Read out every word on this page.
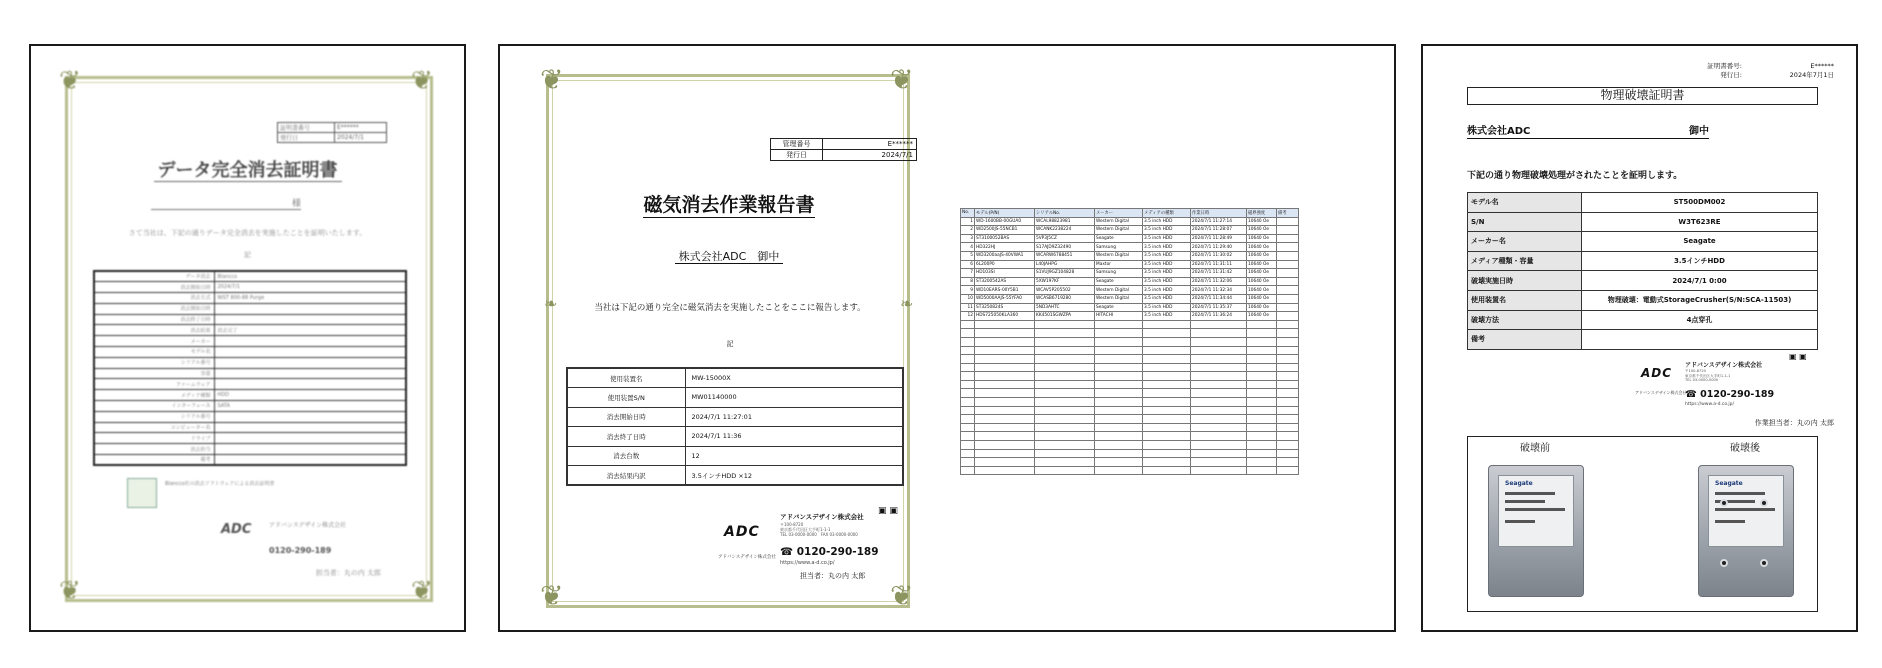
❦	❦
❦	❦
証明書番号	E******
発行日	2024/7/1
データ完全消去証明書
様
さて当社は、下記の通りデータ完全消去を実施したことを証明いたします。
記
データ消去	Blancco
消去開始日時	2024/7/1
消去方式	NIST 800-88 Purge
消去開始日時	
消去終了日時	
消去結果	消去完了
メーカー	
モデル名	
シリアル番号	
容量	
ファームウェア	
メディア種類	HDD
インターフェース	SATA
シリアル番号	
コンピューター名	
ドライブ	
消去担当	
備考	
Blancco社の消去ソフトウェアによる消去証明書
ADC	アドバンスデザイン株式会社
0120-290-189
担当者：丸の内 太郎
❦	❦
❦	❦
❧	❧
管理番号	E******
発行日	2024/7/1
磁気消去作業報告書
株式会社ADC　御中
当社は下記の通り完全に磁気消去を実施したことをここに報告します。
記
使用装置名	MW-15000X
使用装置S/N	MW01140000
消去開始日時	2024/7/1 11:27:01
消去終了日時	2024/7/1 11:36
消去台数	12
消去結果内訳	3.5インチHDD ×12
ADC
アドバンスデザイン株式会社
アドバンスデザイン株式会社
〒100-8720
東京都千代田区大手町1-1-1
TEL 03-0000-0000　FAX 03-0000-0000
☎ 0120-290-189
https://www.a-d.co.jp/
▣ ▣
担当者：丸の内 太郎
No.	モデル(P/N)	シリアルNo.	メーカー	メディアの種類	作業日時	磁界強度	備考
1	WD-1600BB-00GUA0	WCAL98823981	Western Digital	3.5 inch HDD	2024/7/1 11:27:14	10640 Oe	
2	WD2500JS-55NCB1	WCANK2238224	Western Digital	3.5 inch HDD	2024/7/1 11:28:07	10640 Oe	
3	ST3100052BAS	5VP3J5CZ	Seagate	3.5 inch HDD	2024/7/1 11:28:49	10640 Oe	
4	HD322HJ	S17AJD9Z32490	Samsung	3.5 inch HDD	2024/7/1 11:29:40	10640 Oe	
5	WD3200aaJS-40VWA1	WCARW6788451	Western Digital	3.5 inch HDD	2024/7/1 11:30:02	10640 Oe	
6	6L200P0	L40JAHPG	Maxtor	3.5 inch HDD	2024/7/1 11:31:11	10640 Oe	
7	HD103SI	S1VUJ9GZ104828	Samsung	3.5 inch HDD	2024/7/1 11:31:42	10640 Oe	
8	ST3200542AS	5XW197KF	Seagate	3.5 inch HDD	2024/7/1 11:32:06	10640 Oe	
9	WD10EARS-00Y5B1	WCAV5P205502	Western Digital	3.5 inch HDD	2024/7/1 11:32:34	10640 Oe	
10	WD5000AAJS-55YFA0	WCASB6719280	Western Digital	3.5 inch HDD	2024/7/1 11:34:44	10640 Oe	
11	ST3250824S	5ND3AHTC	Seagate	3.5 inch HDD	2024/7/1 11:35:37	10640 Oe	
12	HDS725050KLA360	KK4501SGWZPA	HITACHI	3.5 inch HDD	2024/7/1 11:36:24	10640 Oe	

証明書番号:	E******
発行日:	2024年7月1日
物理破壊証明書
株式会社ADC	御中
下記の通り物理破壊処理がされたことを証明します。
モデル名	ST500DM002
S/N	W3T623RE
メーカー名	Seagate
メディア種類・容量	3.5インチHDD
破壊実施日時	2024/7/1 0:00
使用装置名	物理破壊：電動式StorageCrusher(S/N:SCA-11503)
破壊方法	4点穿孔
備考	
ADC
アドバンスデザイン株式会社
アドバンスデザイン株式会社
〒100-8720
東京都千代田区大手町1-1-1
TEL 03-0000-0000
☎ 0120-290-189
https://www.a-d.co.jp/
▣ ▣
作業担当者：丸の内 太郎
破壊前	破壊後
Seagate	Seagate
